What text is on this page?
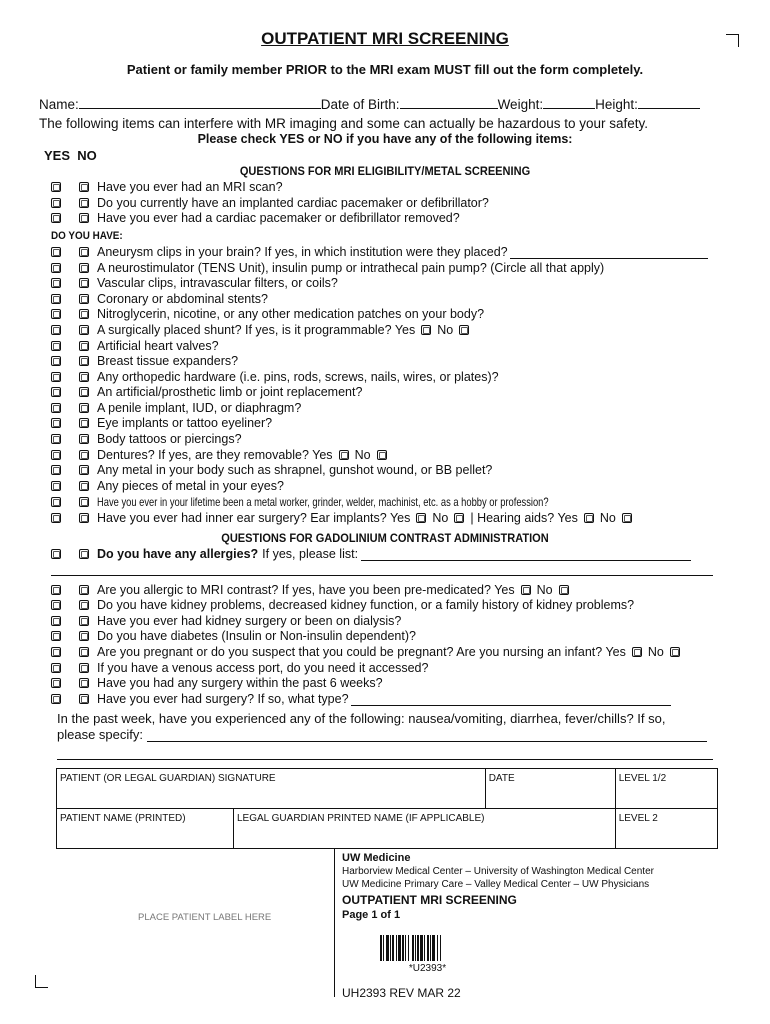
OUTPATIENT MRI SCREENING
Patient or family member PRIOR to the MRI exam MUST fill out the form completely.
Name:	Date of Birth:	Weight:	Height:
The following items can interfere with MR imaging and some can actually be hazardous to your safety.
Please check YES or NO if you have any of the following items:
YES  NO
QUESTIONS FOR MRI ELIGIBILITY/METAL SCREENING
Have you ever had an MRI scan?
Do you currently have an implanted cardiac pacemaker or defibrillator?
Have you ever had a cardiac pacemaker or defibrillator removed?
DO YOU HAVE:
Aneurysm clips in your brain? If yes, in which institution were they placed?
A neurostimulator (TENS Unit), insulin pump or intrathecal pain pump? (Circle all that apply)
Vascular clips, intravascular filters, or coils?
Coronary or abdominal stents?
Nitroglycerin, nicotine, or any other medication patches on your body?
A surgically placed shunt? If yes, is it programmable? Yes No
Artificial heart valves?
Breast tissue expanders?
Any orthopedic hardware (i.e. pins, rods, screws, nails, wires, or plates)?
An artificial/prosthetic limb or joint replacement?
A penile implant, IUD, or diaphragm?
Eye implants or tattoo eyeliner?
Body tattoos or piercings?
Dentures? If yes, are they removable? Yes No
Any metal in your body such as shrapnel, gunshot wound, or BB pellet?
Any pieces of metal in your eyes?
Have you ever in your lifetime been a metal worker, grinder, welder, machinist, etc. as a hobby or profession?
Have you ever had inner ear surgery? Ear implants? Yes No | Hearing aids? Yes No
QUESTIONS FOR GADOLINIUM CONTRAST ADMINISTRATION
Do you have any allergies? If yes, please list:
Are you allergic to MRI contrast? If yes, have you been pre-medicated? Yes No
Do you have kidney problems, decreased kidney function, or a family history of kidney problems?
Have you ever had kidney surgery or been on dialysis?
Do you have diabetes (Insulin or Non-insulin dependent)?
Are you pregnant or do you suspect that you could be pregnant? Are you nursing an infant? Yes No
If you have a venous access port, do you need it accessed?
Have you had any surgery within the past 6 weeks?
Have you ever had surgery? If so, what type?
In the past week, have you experienced any of the following: nausea/vomiting, diarrhea, fever/chills? If so,
please specify:
PATIENT (OR LEGAL GUARDIAN) SIGNATURE		DATE	LEVEL 1/2
PATIENT NAME (PRINTED)	LEGAL GUARDIAN PRINTED NAME (IF APPLICABLE)		LEVEL 2
PLACE PATIENT LABEL HERE
UW Medicine
Harborview Medical Center – University of Washington Medical Center
UW Medicine Primary Care – Valley Medical Center – UW Physicians
OUTPATIENT MRI SCREENING
Page 1 of 1
*U2393*
UH2393 REV MAR 22
